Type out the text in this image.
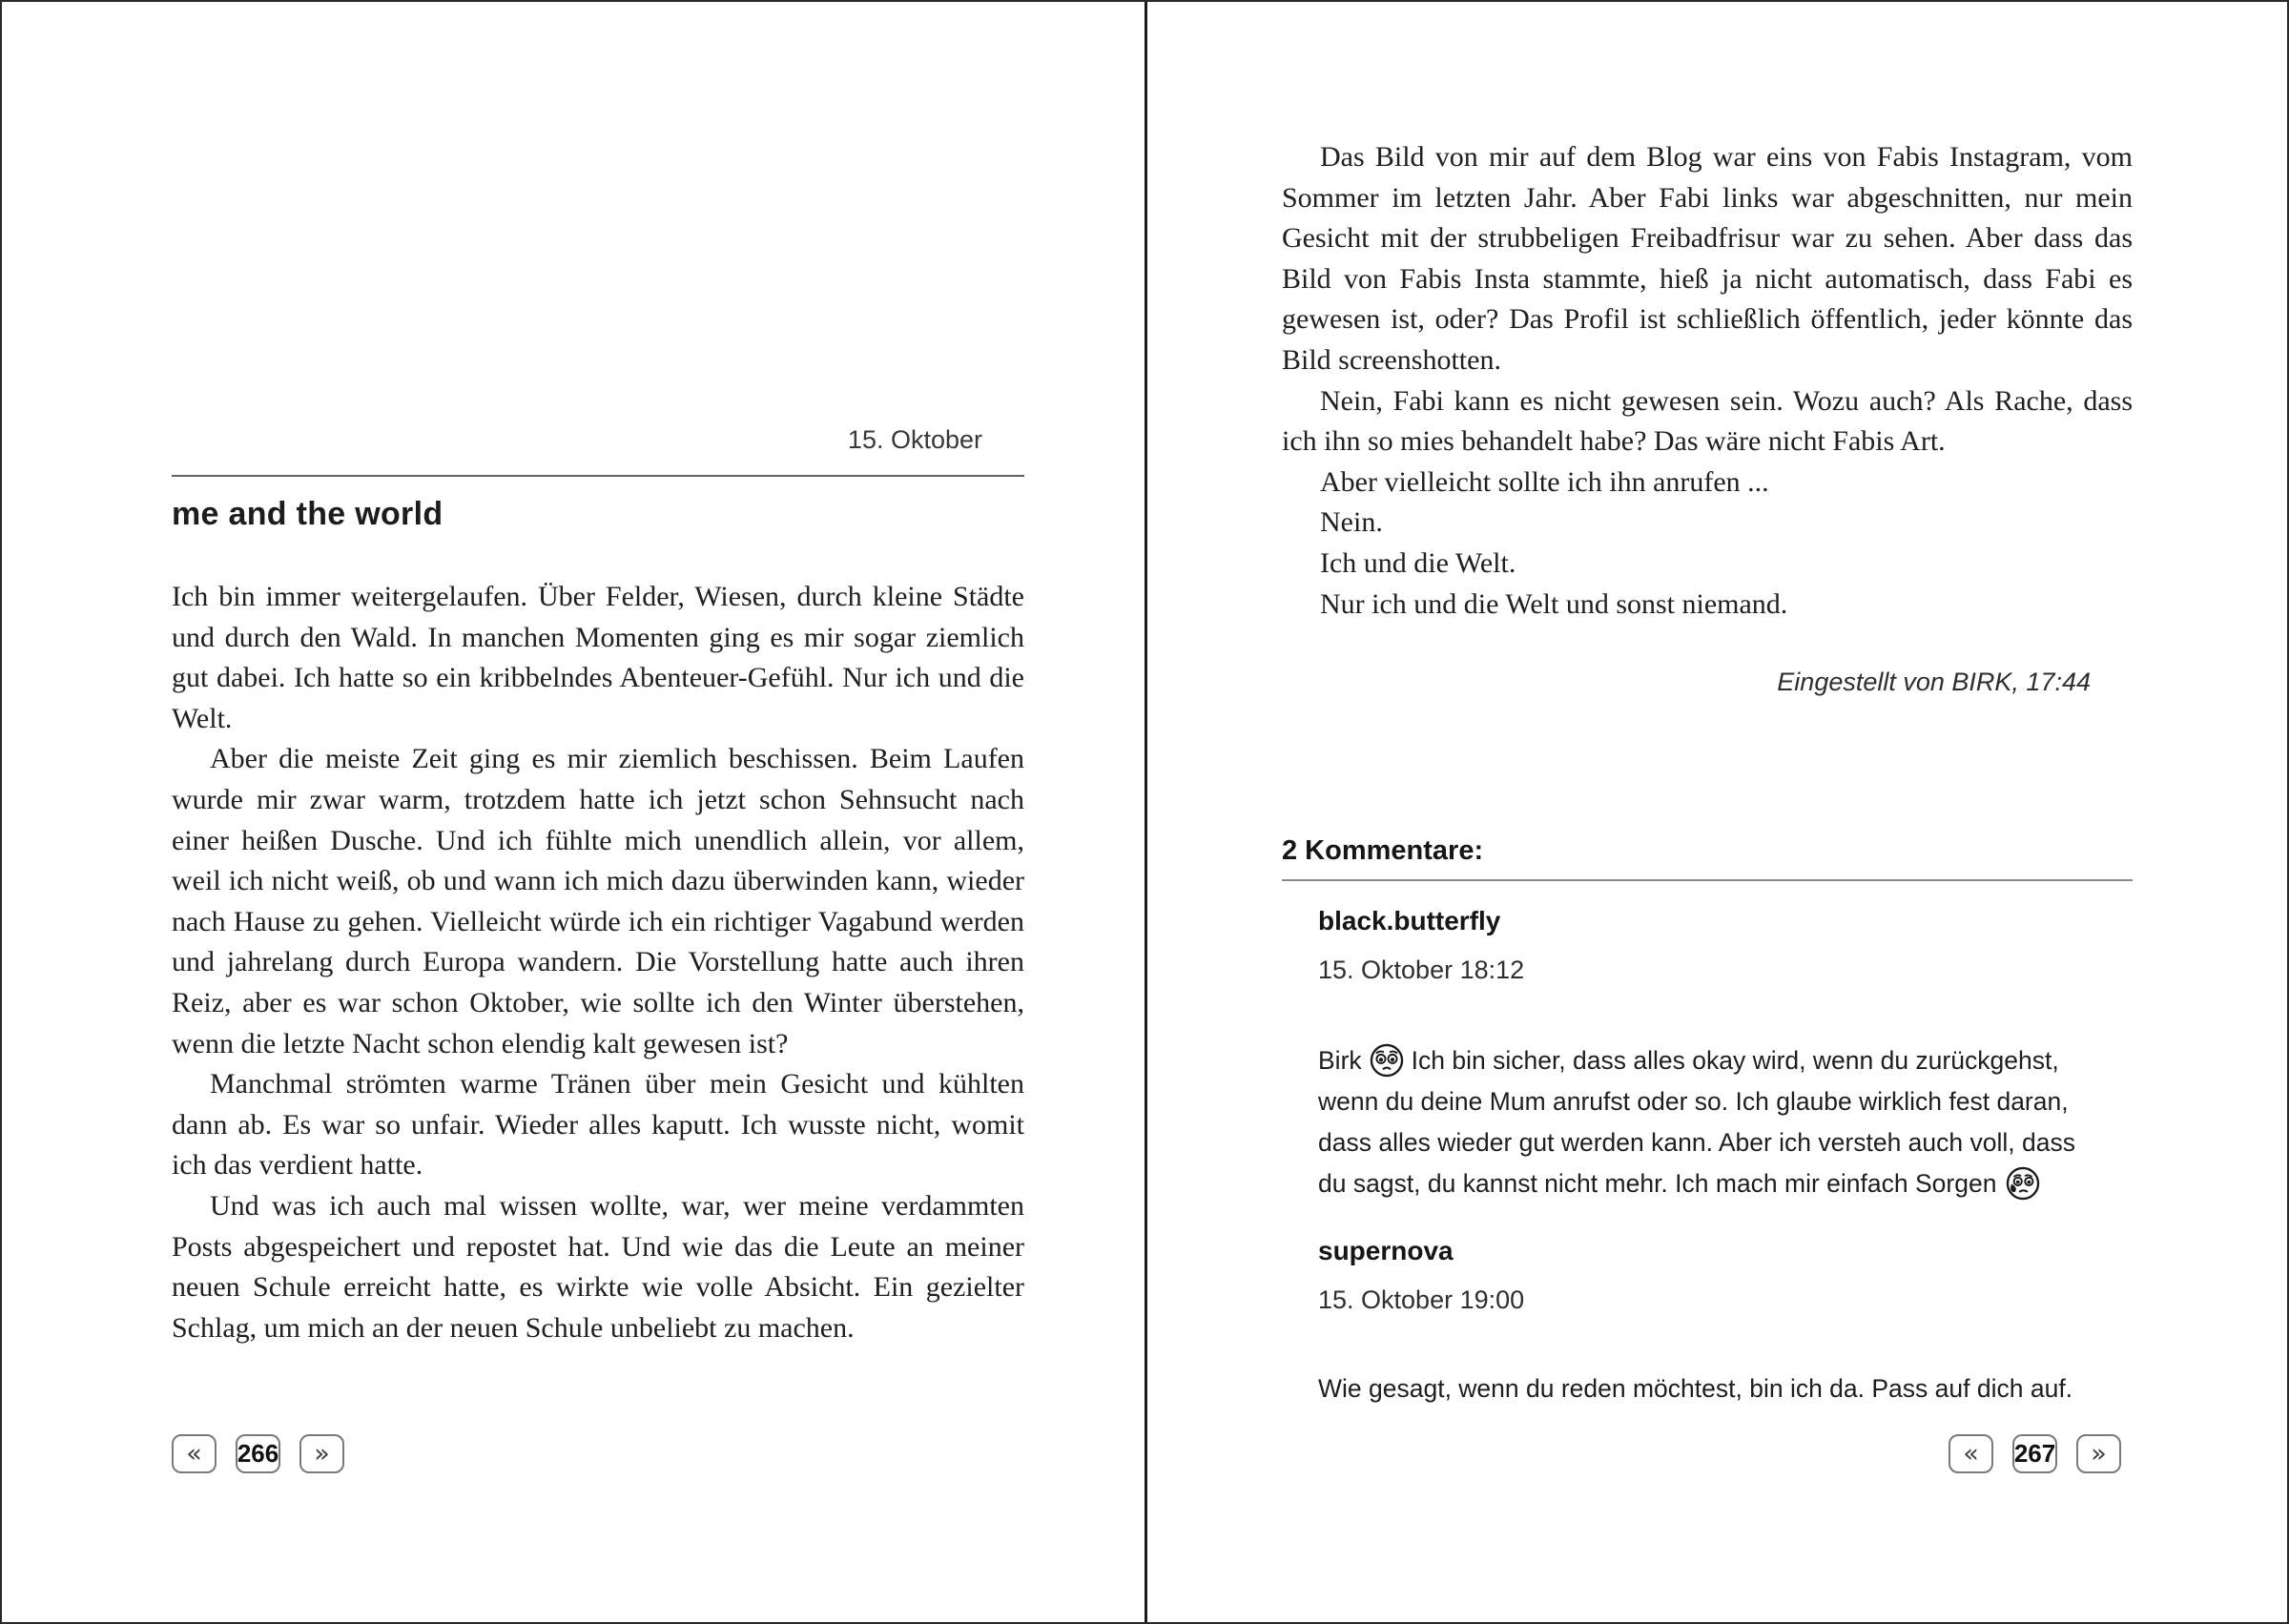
15. Oktober
me and the world

Ich bin immer weitergelaufen. Über Felder, Wiesen, durch kleine Städte und durch den Wald. In manchen Momenten ging es mir sogar ziemlich gut dabei. Ich hatte so ein kribbelndes Abenteuer-Gefühl. Nur ich und die Welt.

Aber die meiste Zeit ging es mir ziemlich beschissen. Beim Laufen wurde mir zwar warm, trotzdem hatte ich jetzt schon Sehnsucht nach einer heißen Dusche. Und ich fühlte mich unendlich allein, vor allem, weil ich nicht weiß, ob und wann ich mich dazu überwinden kann, wieder nach Hause zu gehen. Vielleicht würde ich ein richtiger Vagabund werden und jahrelang durch Europa wandern. Die Vorstellung hatte auch ihren Reiz, aber es war schon Oktober, wie sollte ich den Winter überstehen, wenn die letzte Nacht schon elendig kalt gewesen ist?

Manchmal strömten warme Tränen über mein Gesicht und kühlten dann ab. Es war so unfair. Wieder alles kaputt. Ich wusste nicht, womit ich das verdient hatte.

Und was ich auch mal wissen wollte, war, wer meine verdammten Posts abgespeichert und repostet hat. Und wie das die Leute an meiner neuen Schule erreicht hatte, es wirkte wie volle Absicht. Ein gezielter Schlag, um mich an der neuen Schule unbeliebt zu machen.

«	266	»

Das Bild von mir auf dem Blog war eins von Fabis Instagram, vom Sommer im letzten Jahr. Aber Fabi links war abgeschnitten, nur mein Gesicht mit der strubbeligen Freibadfrisur war zu sehen. Aber dass das Bild von Fabis Insta stammte, hieß ja nicht automatisch, dass Fabi es gewesen ist, oder? Das Profil ist schließlich öffentlich, jeder könnte das Bild screenshotten.

Nein, Fabi kann es nicht gewesen sein. Wozu auch? Als Rache, dass ich ihn so mies behandelt habe? Das wäre nicht Fabis Art.

Aber vielleicht sollte ich ihn anrufen ...

Nein.

Ich und die Welt.

Nur ich und die Welt und sonst niemand.

Eingestellt von BIRK, 17:44
2 Kommentare:
black.butterfly
15. Oktober 18:12

Birk Ich bin sicher, dass alles okay wird, wenn du zurückgehst, wenn du deine Mum anrufst oder so. Ich glaube wirklich fest daran, dass alles wieder gut werden kann. Aber ich versteh auch voll, dass du sagst, du kannst nicht mehr. Ich mach mir einfach Sorgen

supernova
15. Oktober 19:00

Wie gesagt, wenn du reden möchtest, bin ich da. Pass auf dich auf.

«	267	»
